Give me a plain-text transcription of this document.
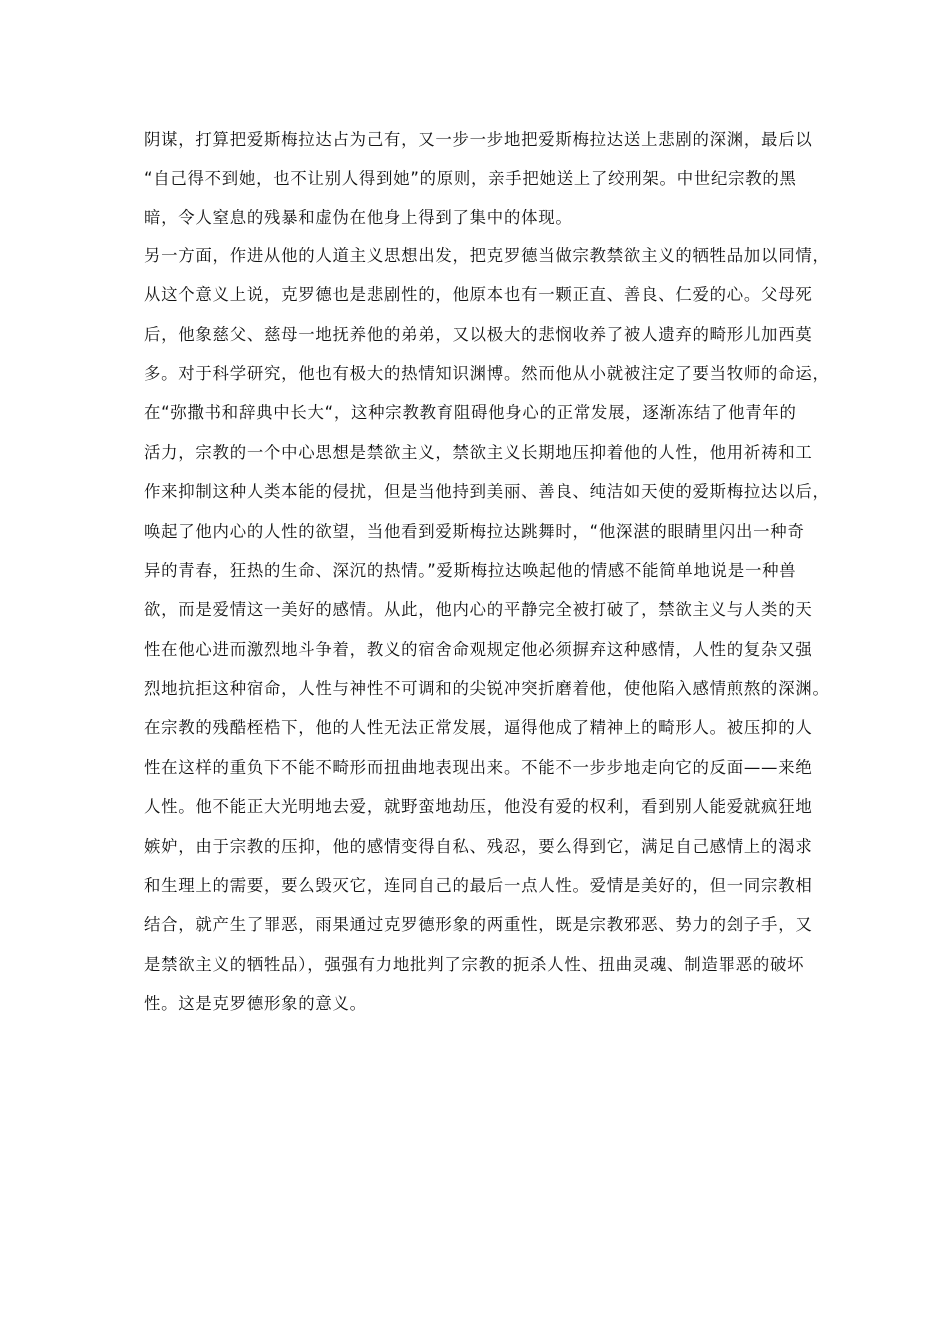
阴谋，打算把爱斯梅拉达占为己有，又一步一步地把爱斯梅拉达送上悲剧的深渊，最后以
“自己得不到她，也不让别人得到她”的原则，亲手把她送上了绞刑架。中世纪宗教的黑
暗，令人窒息的残暴和虚伪在他身上得到了集中的体现。
另一方面，作进从他的人道主义思想出发，把克罗德当做宗教禁欲主义的牺牲品加以同情，
从这个意义上说，克罗德也是悲剧性的，他原本也有一颗正直、善良、仁爱的心。父母死
后，他象慈父、慈母一地抚养他的弟弟，又以极大的悲悯收养了被人遗弃的畸形儿加西莫
多。对于科学研究，他也有极大的热情知识渊博。然而他从小就被注定了要当牧师的命运，
在“弥撒书和辞典中长大“，这种宗教教育阻碍他身心的正常发展，逐渐冻结了他青年的
活力，宗教的一个中心思想是禁欲主义，禁欲主义长期地压抑着他的人性，他用祈祷和工
作来抑制这种人类本能的侵扰，但是当他持到美丽、善良、纯洁如天使的爱斯梅拉达以后，
唤起了他内心的人性的欲望，当他看到爱斯梅拉达跳舞时，“他深湛的眼睛里闪出一种奇
异的青春，狂热的生命、深沉的热情。”爱斯梅拉达唤起他的情感不能简单地说是一种兽
欲，而是爱情这一美好的感情。从此，他内心的平静完全被打破了，禁欲主义与人类的天
性在他心进而激烈地斗争着，教义的宿舍命观规定他必须摒弃这种感情，人性的复杂又强
烈地抗拒这种宿命，人性与神性不可调和的尖锐冲突折磨着他，使他陷入感情煎熬的深渊。
在宗教的残酷桎梏下，他的人性无法正常发展，逼得他成了精神上的畸形人。被压抑的人
性在这样的重负下不能不畸形而扭曲地表现出来。不能不一步步地走向它的反面——来绝
人性。他不能正大光明地去爱，就野蛮地劫压，他没有爱的权利，看到别人能爱就疯狂地
嫉妒，由于宗教的压抑，他的感情变得自私、残忍，要么得到它，满足自己感情上的渴求
和生理上的需要，要么毁灭它，连同自己的最后一点人性。爱情是美好的，但一同宗教相
结合，就产生了罪恶，雨果通过克罗德形象的两重性，既是宗教邪恶、势力的刽子手，又
是禁欲主义的牺牲品），强强有力地批判了宗教的扼杀人性、扭曲灵魂、制造罪恶的破坏
性。这是克罗德形象的意义。
